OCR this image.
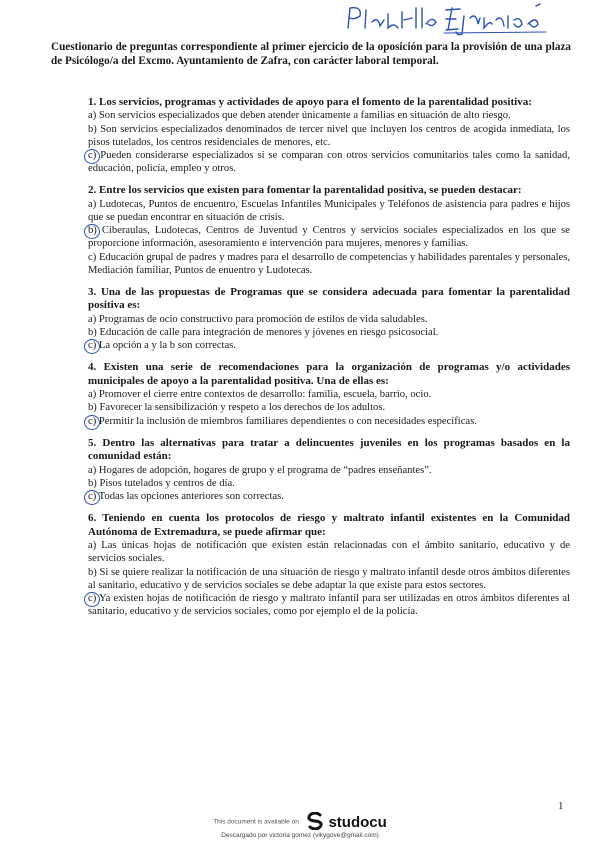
Cuestionario de preguntas correspondiente al primer ejercicio de la oposición para la provisión de una plaza de Psicólogo/a del Excmo. Ayuntamiento de Zafra, con carácter laboral temporal.
1. Los servicios, programas y actividades de apoyo para el fomento de la parentalidad positiva:
a) Son servicios especializados que deben atender únicamente a familias en situación de alto riesgo.
b) Son servicios especializados denominados de tercer nivel que incluyen los centros de acogida inmediata, los pisos tutelados, los centros residenciales de menores, etc.
c) Pueden considerarse especializados si se comparan con otros servicios comunitarios tales como la sanidad, educación, policía, empleo y otros.
2. Entre los servicios que existen para fomentar la parentalidad positiva, se pueden destacar:
a) Ludotecas, Puntos de encuentro, Escuelas Infantiles Municipales y Teléfonos de asistencia para padres e hijos que se puedan encontrar en situación de crisis.
b) Ciberaulas, Ludotecas, Centros de Juventud y Centros y servicios sociales especializados en los que se proporcione información, asesoramiento e intervención para mujeres, menores y familias.
c) Educación grupal de padres y madres para el desarrollo de competencias y habilidades parentales y personales, Mediación familiar, Puntos de enuentro y Ludotecas.
3. Una de las propuestas de Programas que se considera adecuada para fomentar la parentalidad positiva es:
a) Programas de ocio constructivo para promoción de estilos de vida saludables.
b) Educación de calle para integración de menores y jóvenes en riesgo psicosocial.
c) La opción a y la b son correctas.
4. Existen una serie de recomendaciones para la organización de programas y/o actividades municipales de apoyo a la parentalidad positiva. Una de ellas es:
a) Promover el cierre entre contextos de desarrollo: familia, escuela, barrio, ocio.
b) Favorecer la sensibilización y respeto a los derechos de los adultos.
c) Permitir la inclusión de miembros familiares dependientes o con necesidades específicas.
5. Dentro las alternativas para tratar a delincuentes juveniles en los programas basados en la comunidad están:
a) Hogares de adopción, hogares de grupo y el programa de “padres enseñantes”.
b) Pisos tutelados y centros de día.
c) Todas las opciones anteriores son correctas.
6. Teniendo en cuenta los protocolos de riesgo y maltrato infantil existentes en la Comunidad Autónoma de Extremadura, se puede afirmar que:
a) Las únicas hojas de notificación que existen están relacionadas con el ámbito sanitario, educativo y de servicios sociales.
b) Si se quiere realizar la notificación de una situación de riesgo y maltrato infantil desde otros ámbitos diferentes al sanitario, educativo y de servicios sociales se debe adaptar la que existe para estos sectores.
c) Ya existen hojas de notificación de riesgo y maltrato infantil para ser utilizadas en otros ámbitos diferentes al sanitario, educativo y de servicios sociales, como por ejemplo el de la policía.
1
This document is available on studocu
Descargado por victoria gomez (vikygove@gmail.com)
